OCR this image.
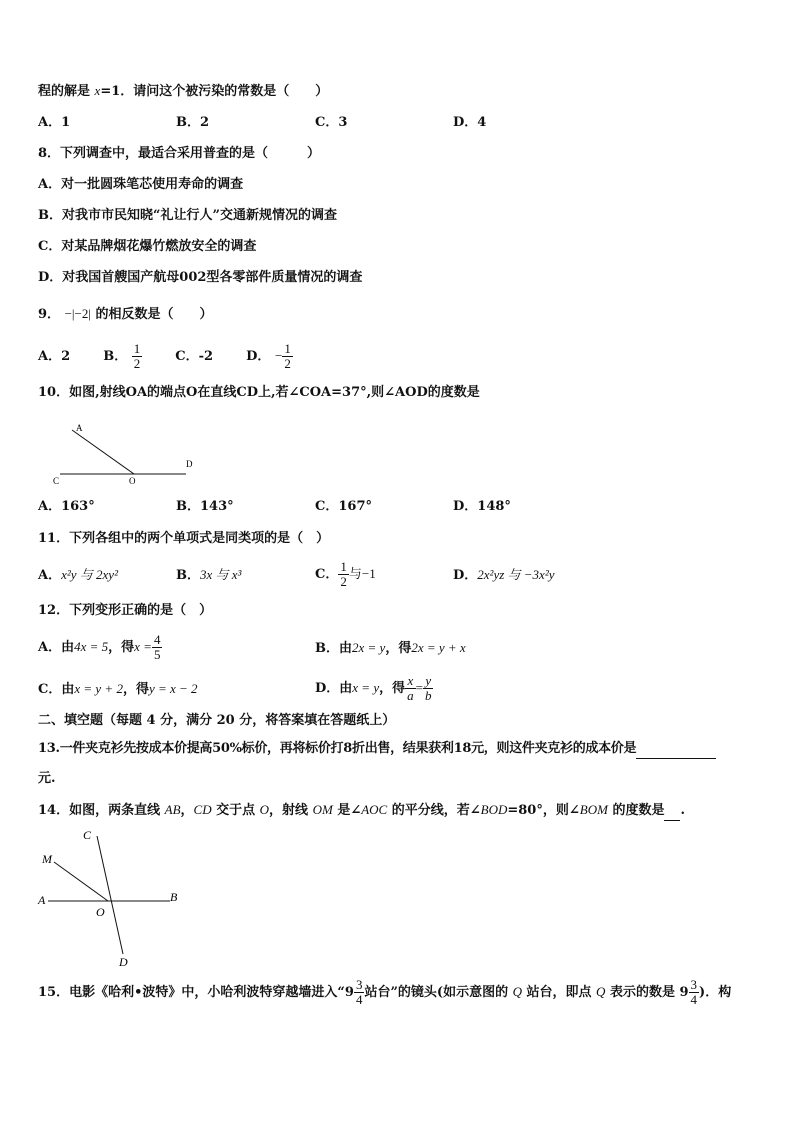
程的解是 x=1．请问这个被污染的常数是（　　）
A．1	B．2	C．3	D．4
8．下列调查中，最适合采用普查的是（　　　）
A．对一批圆珠笔芯使用寿命的调查
B．对我市市民知晓“礼让行人”交通新规情况的调查
C．对某品牌烟花爆竹燃放安全的调查
D．对我国首艘国产航母002型各零部件质量情况的调查
9． −|−2| 的相反数是（　　）
A．2	B． $\frac{1}{2}$	C．-2	D． − $\frac{1}{2}$
10．如图,射线OA的端点O在直线CD上,若∠COA=37°,则∠AOD的度数是
A
C	O
D
A．163°	B．143°	C．167°	D．148°
11．下列各组中的两个单项式是同类项的是（　）
A．x²y 与 2xy²	B．3x 与 x³	C． $\frac{1}{2}$ 与−1	D．2x²yz 与 −3x²y
12．下列变形正确的是（　）
A．由4x = 5，得$x = \frac{4}{5}$	B．由2x = y，得2x = y + x
C．由x = y + 2，得y = x − 2	D．由x = y，得 $\frac{x}{a} = \frac{y}{b}$
二、填空题（每题 4 分，满分 20 分，将答案填在答题纸上）
13.一件夹克衫先按成本价提高50%标价，再将标价打8折出售，结果获利18元，则这件夹克衫的成本价是
元.
14．如图，两条直线 AB，CD 交于点 O，射线 OM 是∠AOC 的平分线，若∠BOD=80°，则∠BOM 的度数是 .
C
M
A	B
O
D
15．电影《哈利•波特》中，小哈利波特穿越墙进入“$9 \frac{3}{4}$ 站台”的镜头(如示意图的 Q 站台，即点 Q 表示的数是 $9 \frac{3}{4}$ )．构
